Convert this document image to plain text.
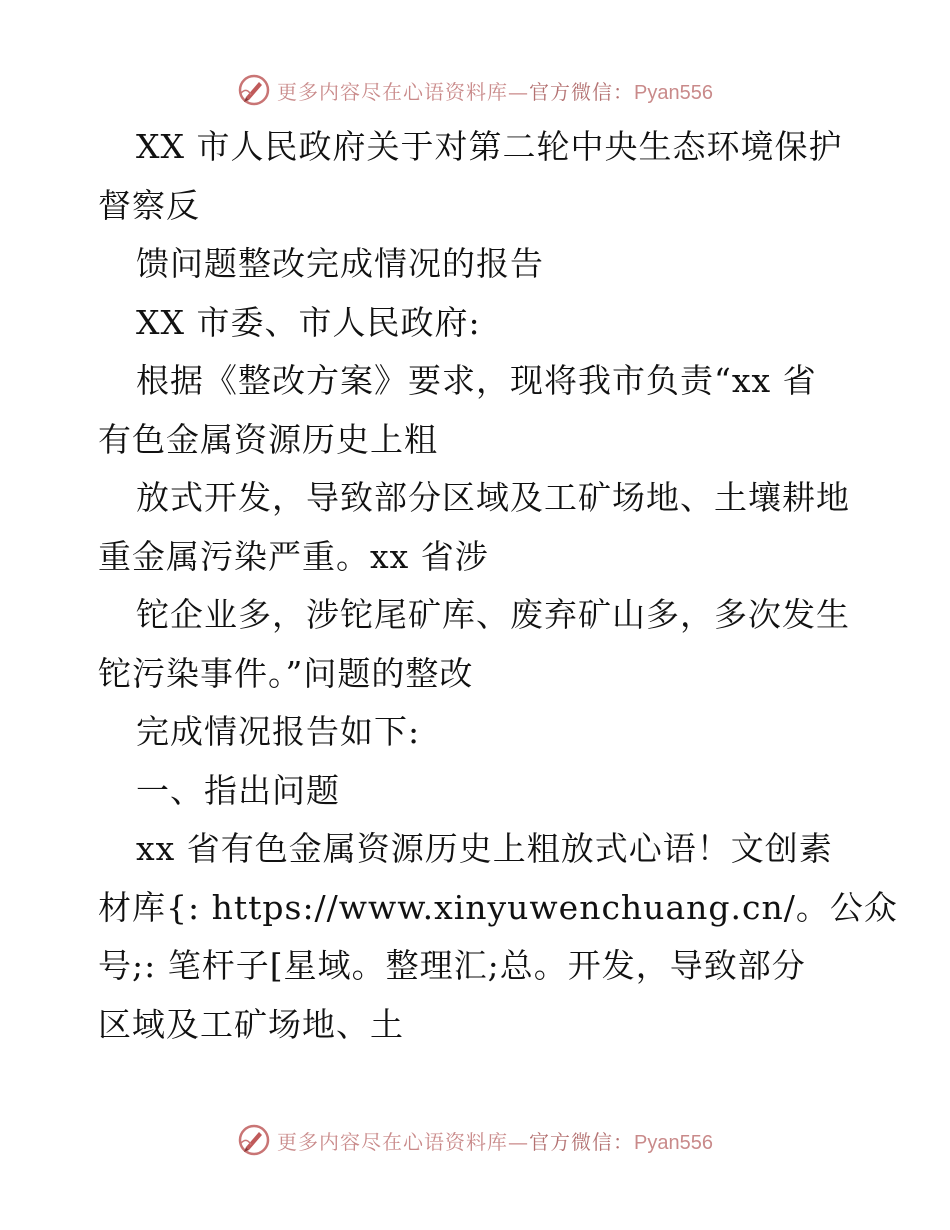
更多内容尽在心语资料库—官方微信：Pyan556
XX 市人民政府关于对第二轮中央生态环境保护
督察反
馈问题整改完成情况的报告
XX 市委、市人民政府:
根据《整改方案》要求，现将我市负责“xx 省
有色金属资源历史上粗
放式开发，导致部分区域及工矿场地、土壤耕地
重金属污染严重。xx 省涉
铊企业多，涉铊尾矿库、废弃矿山多，多次发生
铊污染事件。”问题的整改
完成情况报告如下:
一、指出问题
xx 省有色金属资源历史上粗放式心语！文创素
材库{: https://www.xinyuwenchuang.cn/。公众
号;: 笔杆子[星域。整理汇;总。开发，导致部分
区域及工矿场地、土
更多内容尽在心语资料库—官方微信：Pyan556
